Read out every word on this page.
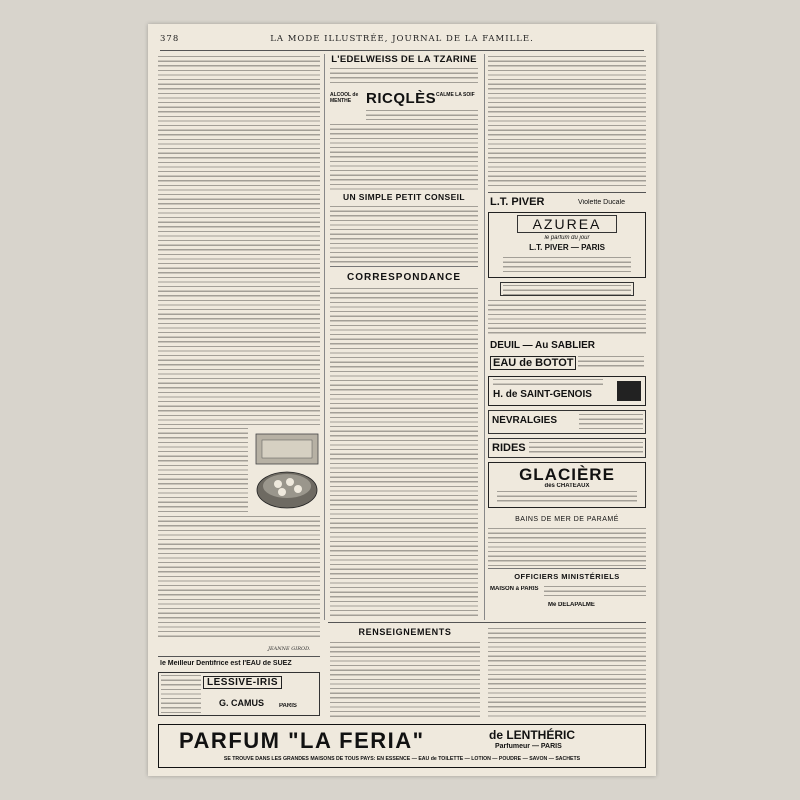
378	LA MODE ILLUSTRÉE, JOURNAL DE LA FAMILLE.
JEANNE GIROD.
le Meilleur Dentifrice est l'EAU de SUEZ
LESSIVE-IRIS
G. CAMUS	PARIS
L'EDELWEISS DE LA TZARINE
ALCOOL de MENTHE RICQLÈS CALME LA SOIF
UN SIMPLE PETIT CONSEIL
CORRESPONDANCE
L.T. PIVER	Violette Ducale
AZUREA
le parfum du jour
L.T. PIVER — PARIS
DEUIL — Au SABLIER
EAU de BOTOT
H. de SAINT-GENOIS
NÉVRALGIES
RIDES
GLACIÈRE
des CHATEAUX
BAINS DE MER DE PARAMÉ
OFFICIERS MINISTÉRIELS
MAISON à PARIS
Me DELAPALME
RENSEIGNEMENTS
PARFUM "LA FERIA"	de LENTHÉRIC
Parfumeur — PARIS
SE TROUVE DANS LES GRANDES MAISONS DE TOUS PAYS: EN ESSENCE — EAU de TOILETTE — LOTION — POUDRE — SAVON — SACHETS
